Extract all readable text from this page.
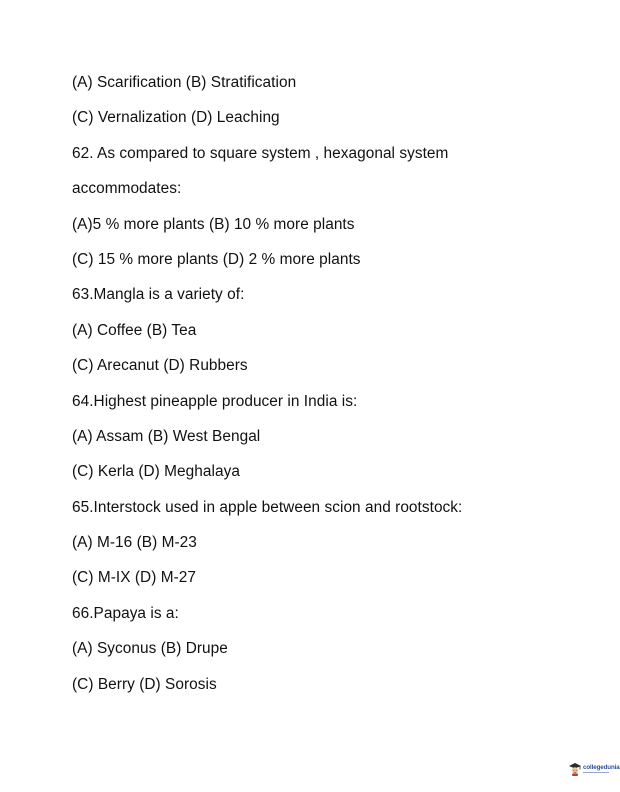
(A) Scarification (B) Stratification
(C) Vernalization (D) Leaching
62. As compared to square system , hexagonal system
accommodates:
(A)5 % more plants (B) 10 % more plants
(C) 15 % more plants (D) 2 % more plants
63.Mangla is a variety of:
(A) Coffee (B) Tea
(C) Arecanut (D) Rubbers
64.Highest pineapple producer in India is:
(A) Assam (B) West Bengal
(C) Kerla (D) Meghalaya
65.Interstock used in apple between scion and rootstock:
(A) M-16 (B) M-23
(C) M-IX (D) M-27
66.Papaya is a:
(A) Syconus (B) Drupe
(C) Berry (D) Sorosis
collegedunia
